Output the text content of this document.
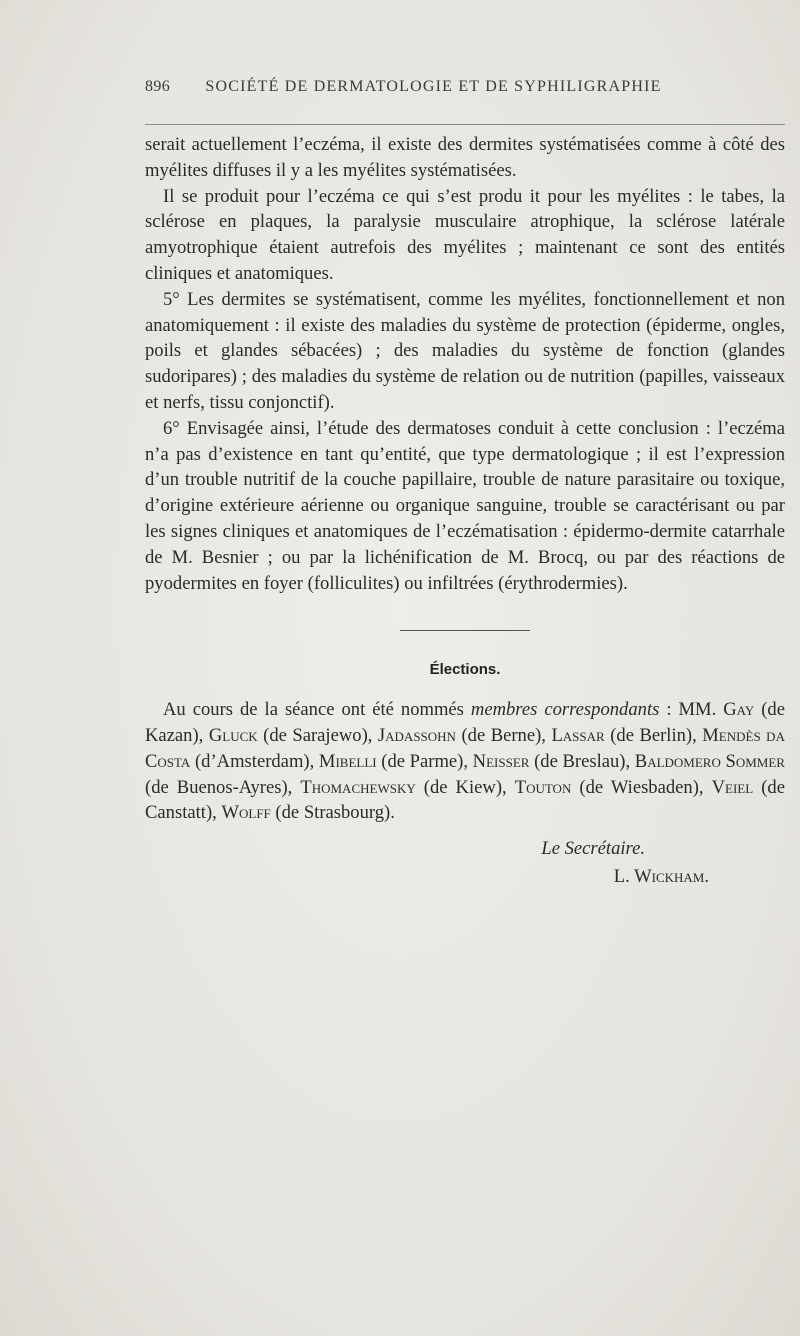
896 SOCIÉTÉ DE DERMATOLOGIE ET DE SYPHILIGRAPHIE

serait actuellement l’eczéma, il existe des dermites systématisées comme à côté des myélites diffuses il y a les myélites systématisées.

Il se produit pour l’eczéma ce qui s’est produ it pour les myélites : le tabes, la sclérose en plaques, la paralysie musculaire atrophique, la sclérose latérale amyotrophique étaient autrefois des myélites ; maintenant ce sont des entités cliniques et anatomiques.

5° Les dermites se systématisent, comme les myélites, fonctionnellement et non anatomiquement : il existe des maladies du système de protection (épiderme, ongles, poils et glandes sébacées) ; des maladies du système de fonction (glandes sudoripares) ; des maladies du système de relation ou de nutrition (papilles, vaisseaux et nerfs, tissu conjonctif).

6° Envisagée ainsi, l’étude des dermatoses conduit à cette conclusion : l’eczéma n’a pas d’existence en tant qu’entité, que type dermatologique ; il est l’expression d’un trouble nutritif de la couche papillaire, trouble de nature parasitaire ou toxique, d’origine extérieure aérienne ou organique sanguine, trouble se caractérisant ou par les signes cliniques et anatomiques de l’eczématisation : épidermo-dermite catarrhale de M. Besnier ; ou par la lichénification de M. Brocq, ou par des réactions de pyodermites en foyer (folliculites) ou infiltrées (érythrodermies).

Élections.

Au cours de la séance ont été nommés membres correspondants : MM. Gay (de Kazan), Gluck (de Sarajewo), Jadassohn (de Berne), Lassar (de Berlin), Mendès da Costa (d’Amsterdam), Mibelli (de Parme), Neisser (de Breslau), Baldomero Sommer (de Buenos-Ayres), Thomachewsky (de Kiew), Touton (de Wiesbaden), Veiel (de Canstatt), Wolff (de Strasbourg).

Le Secrétaire.
L. Wickham.
